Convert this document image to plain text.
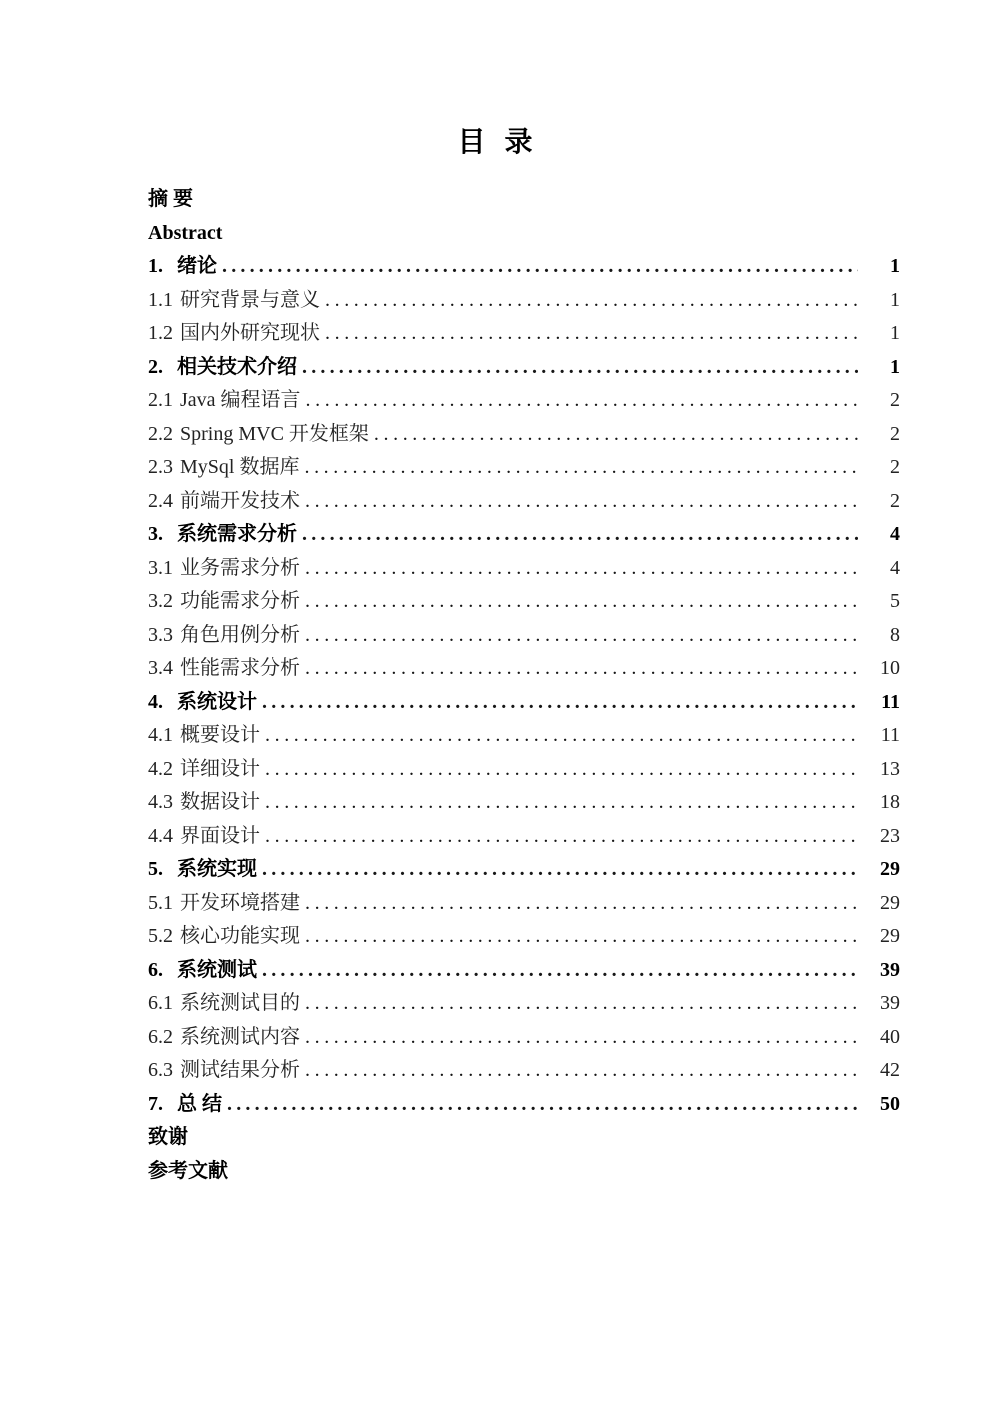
目 录
摘 要
Abstract
1. 绪论 .....	1
1.1 研究背景与意义 .....	1
1.2 国内外研究现状 .....	1
2. 相关技术介绍 .....	1
2.1 Java 编程语言 .....	2
2.2 Spring MVC 开发框架 .....	2
2.3 MySql 数据库 .....	2
2.4 前端开发技术 .....	2
3. 系统需求分析 .....	4
3.1 业务需求分析 .....	4
3.2 功能需求分析 .....	5
3.3 角色用例分析 .....	8
3.4 性能需求分析 .....	10
4. 系统设计 .....	11
4.1 概要设计 .....	11
4.2 详细设计 .....	13
4.3 数据设计 .....	18
4.4 界面设计 .....	23
5. 系统实现 .....	29
5.1 开发环境搭建 .....	29
5.2 核心功能实现 .....	29
6. 系统测试 .....	39
6.1 系统测试目的 .....	39
6.2 系统测试内容 .....	40
6.3 测试结果分析 .....	42
7. 总 结 .....	50
致谢
参考文献
